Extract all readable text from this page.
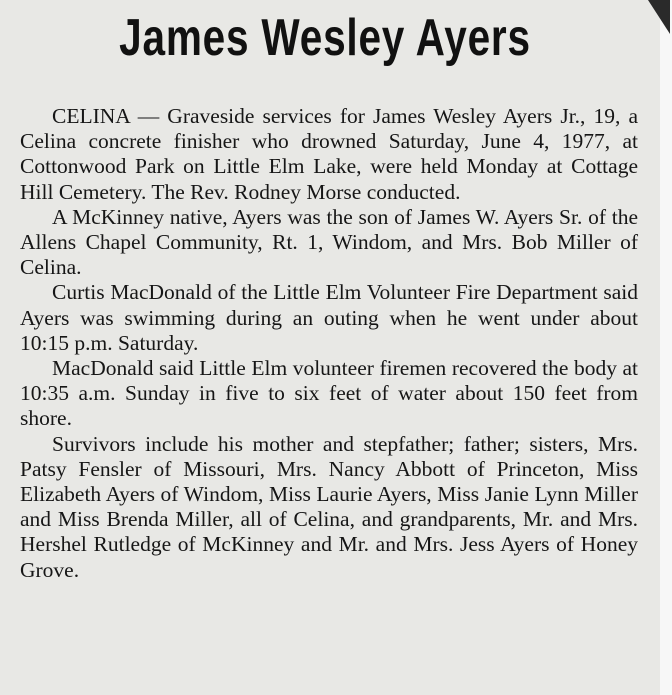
James Wesley Ayers

CELINA — Graveside services for James Wesley Ayers Jr., 19, a Celina concrete finisher who drowned Saturday, June 4, 1977, at Cottonwood Park on Little Elm Lake, were held Monday at Cottage Hill Cemetery. The Rev. Rodney Morse conducted.

A McKinney native, Ayers was the son of James W. Ayers Sr. of the Allens Chapel Community, Rt. 1, Windom, and Mrs. Bob Miller of Celina.

Curtis MacDonald of the Little Elm Volunteer Fire Department said Ayers was swimming during an outing when he went under about 10:15 p.m. Saturday.

MacDonald said Little Elm volunteer firemen recovered the body at 10:35 a.m. Sunday in five to six feet of water about 150 feet from shore.

Survivors include his mother and stepfather; father; sisters, Mrs. Patsy Fensler of Missouri, Mrs. Nancy Abbott of Princeton, Miss Elizabeth Ayers of Windom, Miss Laurie Ayers, Miss Janie Lynn Miller and Miss Brenda Miller, all of Celina, and grandparents, Mr. and Mrs. Hershel Rutledge of McKinney and Mr. and Mrs. Jess Ayers of Honey Grove.
